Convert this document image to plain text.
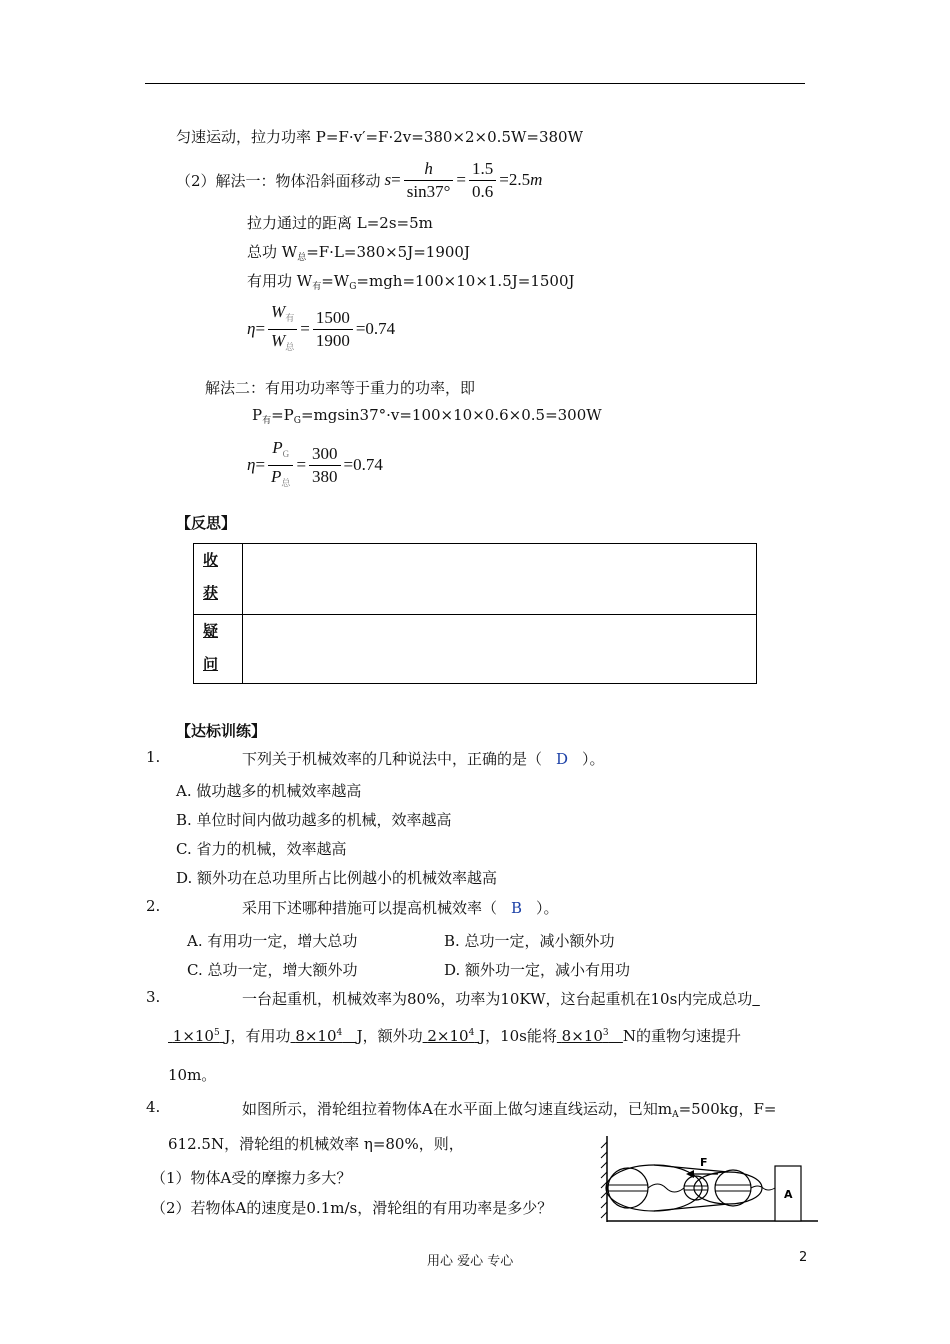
匀速运动，拉力功率 P=F·v′=F·2v=380×2×0.5W=380W
（2）解法一：物体沿斜面移动 $s = \frac{h}{\sin 37^\circ} = \frac{1.5}{0.6} =2.5$ m
拉力通过的距离 L=2s=5m
总功 $W_总=F\cdot L=380\times 5J=1900J$
有用功 $W_有=W_G=mgh=100\times 10\times 1.5J=1500J$
$\eta = \frac{W_有}{W_总} = \frac{1500}{1900} =0.74$
解法二：有用功功率等于重力的功率，即
$P_有=P_G=mgsin37^\circ\cdot v=100\times 10\times 0.6\times 0.5=300W$
$\eta = \frac{P_G}{P_总} = \frac{300}{380} =0.74$
【反思】
收
获	

疑
问	

【达标训练】
1.	下列关于机械效率的几种说法中，正确的是（ D ）。
A. 做功越多的机械效率越高
B. 单位时间内做功越多的机械，效率越高
C. 省力的机械，效率越高
D. 额外功在总功里所占比例越小的机械效率越高
2.	采用下述哪种措施可以提高机械效率（ B ）。
A. 有用功一定，增大总功	B. 总功一定，减小额外功
C. 总功一定，增大额外功	D. 额外功一定，减小有用功
3.	一台起重机，机械效率为80%，功率为10KW，这台起重机在10s内完成总功 
$1\times 10^5$ J，有用功 $8\times 10^4$ J，额外功 $2\times 10^4$ J，10s能将 $8\times 10^3$ N的重物匀速提升
10m。
4.	如图所示，滑轮组拉着物体A在水平面上做匀速直线运动，已知$m_A=500kg$，F=
612.5N，滑轮组的机械效率 η=80%，则，
（1）物体A受的摩擦力多大？
（2）若物体A的速度是0.1m/s，滑轮组的有用功率是多少？
F
A
用心 爱心 专心	2
